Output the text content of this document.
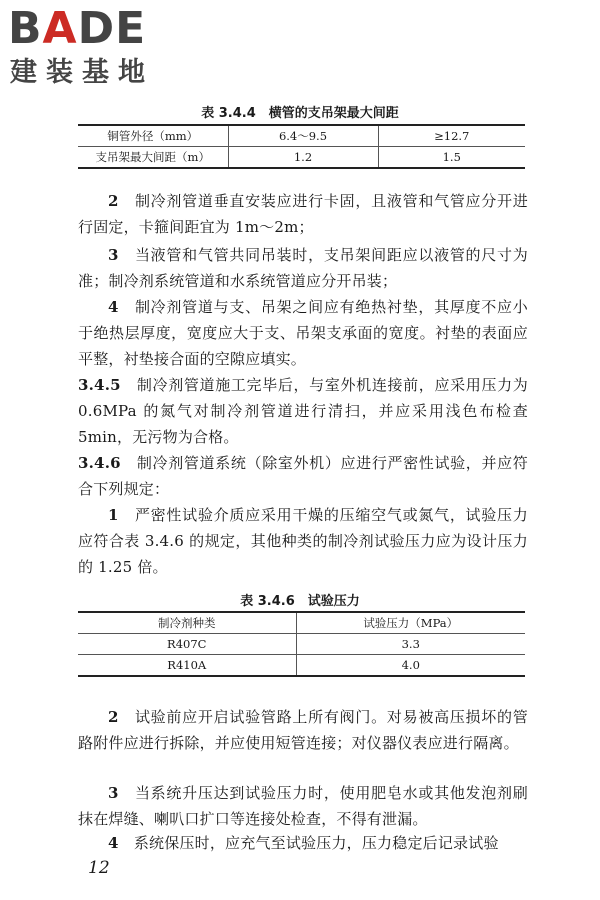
BADE
建装基地
表 3.4.4　横管的支吊架最大间距
铜管外径（mm）	6.4～9.5	≥12.7
支吊架最大间距（m）	1.2	1.5
2　 制冷剂管道垂直安装应进行卡固，且液管和气管应分开进行固定，卡箍间距宜为 1m～2m；
3　 当液管和气管共同吊装时，支吊架间距应以液管的尺寸为准；制冷剂系统管道和水系统管道应分开吊装；
4　 制冷剂管道与支、吊架之间应有绝热衬垫，其厚度不应小于绝热层厚度，宽度应大于支、吊架支承面的宽度。衬垫的表面应平整，衬垫接合面的空隙应填实。
3.4.5　 制冷剂管道施工完毕后，与室外机连接前，应采用压力为 0.6MPa 的氮气对制冷剂管道进行清扫，并应采用浅色布检查 5min，无污物为合格。
3.4.6　 制冷剂管道系统（除室外机）应进行严密性试验，并应符合下列规定：
1　 严密性试验介质应采用干燥的压缩空气或氮气，试验压力应符合表 3.4.6 的规定，其他种类的制冷剂试验压力应为设计压力的 1.25 倍。
表 3.4.6　试验压力
制冷剂种类	试验压力（MPa）
R407C	3.3
R410A	4.0
2　 试验前应开启试验管路上所有阀门。对易被高压损坏的管路附件应进行拆除，并应使用短管连接；对仪器仪表应进行隔离。
3　 当系统升压达到试验压力时，使用肥皂水或其他发泡剂刷抹在焊缝、喇叭口扩口等连接处检查，不得有泄漏。
4　 系统保压时，应充气至试验压力，压力稳定后记录试验
12
